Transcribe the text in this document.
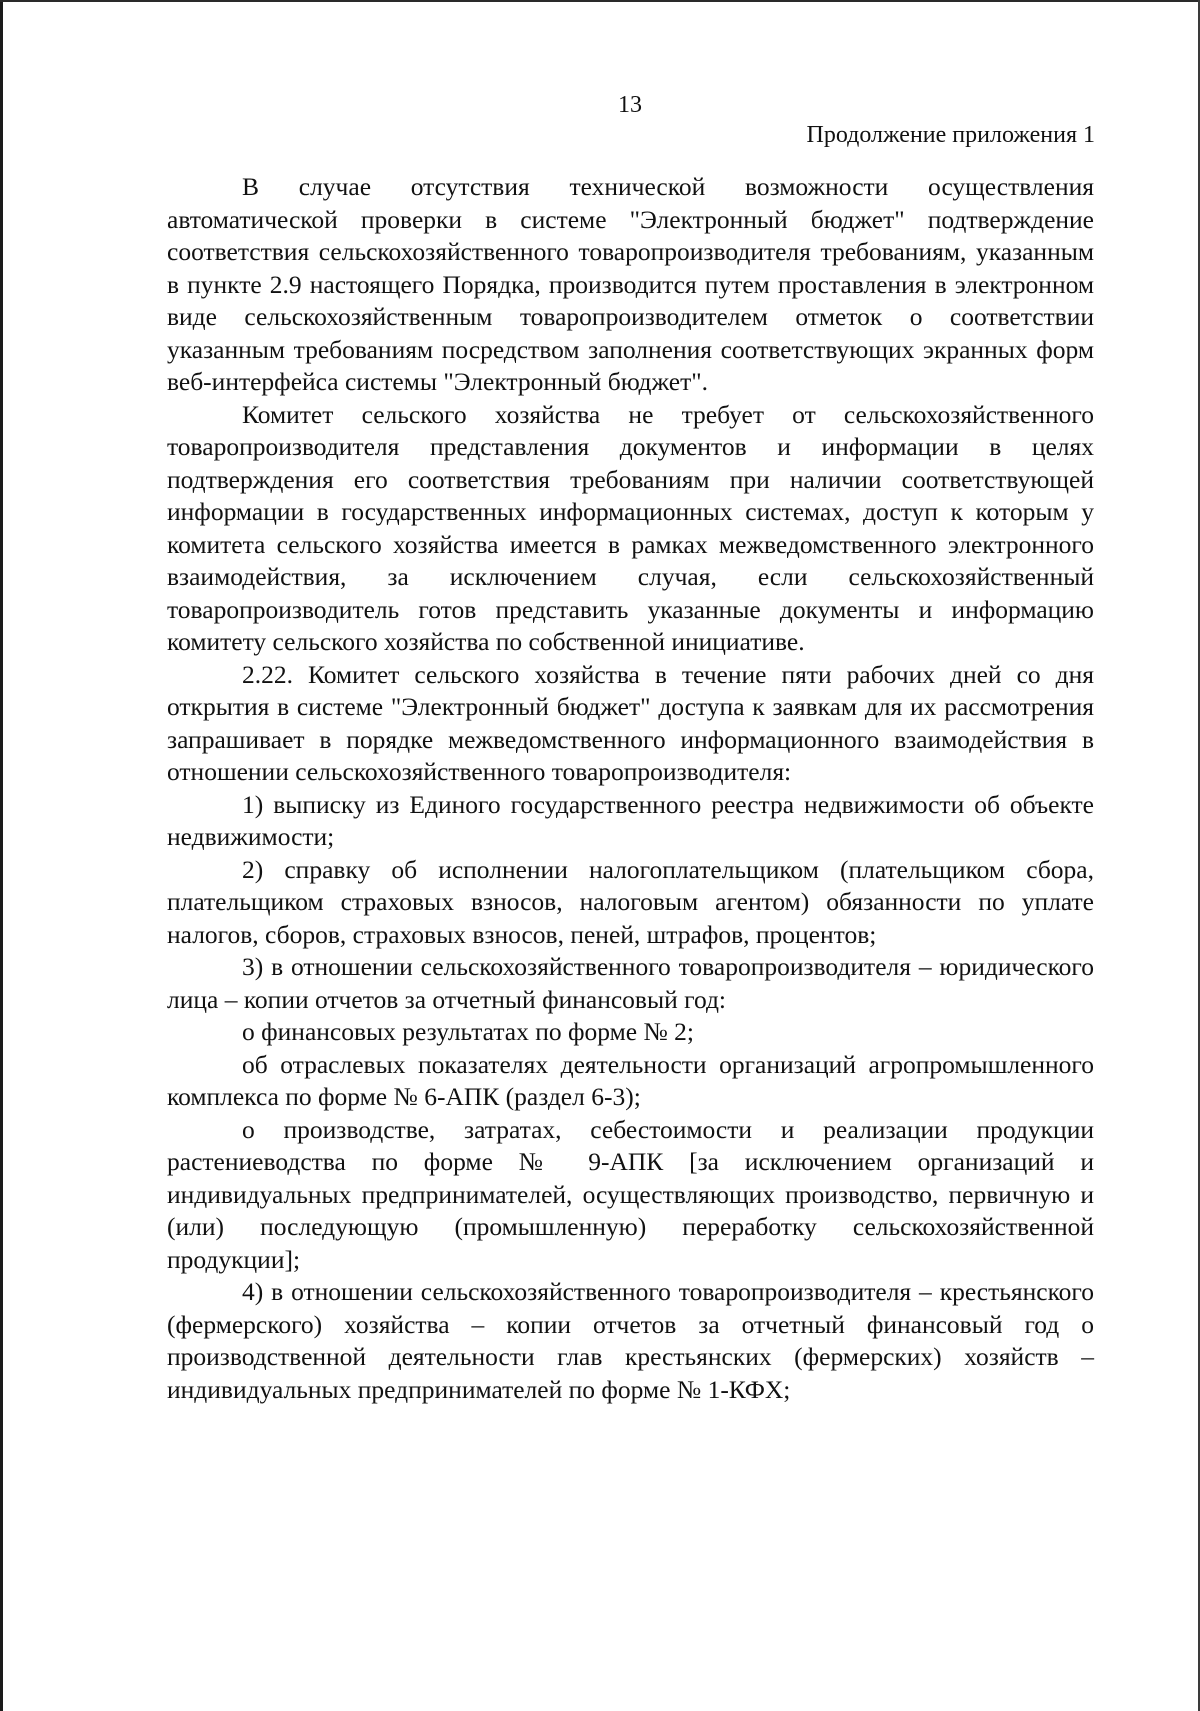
13
Продолжение приложения 1

В случае отсутствия технической возможности осуществления автоматической проверки в системе "Электронный бюджет" подтверждение соответствия сельскохозяйственного товаропроизводителя требованиям, указанным в пункте 2.9 настоящего Порядка, производится путем проставления в электронном виде сельскохозяйственным товаропроизводителем отметок о соответствии указанным требованиям посредством заполнения соответствующих экранных форм веб-интерфейса системы "Электронный бюджет".

Комитет сельского хозяйства не требует от сельскохозяйственного товаропроизводителя представления документов и информации в целях подтверждения его соответствия требованиям при наличии соответствующей информации в государственных информационных системах, доступ к которым у комитета сельского хозяйства имеется в рамках межведомственного электронного взаимодействия, за исключением случая, если сельскохозяйственный товаропроизводитель готов представить указанные документы и информацию комитету сельского хозяйства по собственной инициативе.

2.22. Комитет сельского хозяйства в течение пяти рабочих дней со дня открытия в системе "Электронный бюджет" доступа к заявкам для их рассмотрения запрашивает в порядке межведомственного информационного взаимодействия в отношении сельскохозяйственного товаропроизводителя:

1) выписку из Единого государственного реестра недвижимости об объекте недвижимости;

2) справку об исполнении налогоплательщиком (плательщиком сбора, плательщиком страховых взносов, налоговым агентом) обязанности по уплате налогов, сборов, страховых взносов, пеней, штрафов, процентов;

3) в отношении сельскохозяйственного товаропроизводителя – юридического лица – копии отчетов за отчетный финансовый год:

о финансовых результатах по форме № 2;

об отраслевых показателях деятельности организаций агропромышленного комплекса по форме № 6-АПК (раздел 6-3);

о производстве, затратах, себестоимости и реализации продукции растениеводства по форме № 9-АПК [за исключением организаций и индивидуальных предпринимателей, осуществляющих производство, первичную и (или) последующую (промышленную) переработку сельскохозяйственной продукции];

4) в отношении сельскохозяйственного товаропроизводителя – крестьянского (фермерского) хозяйства – копии отчетов за отчетный финансовый год о производственной деятельности глав крестьянских (фермерских) хозяйств – индивидуальных предпринимателей по форме № 1-КФХ;
